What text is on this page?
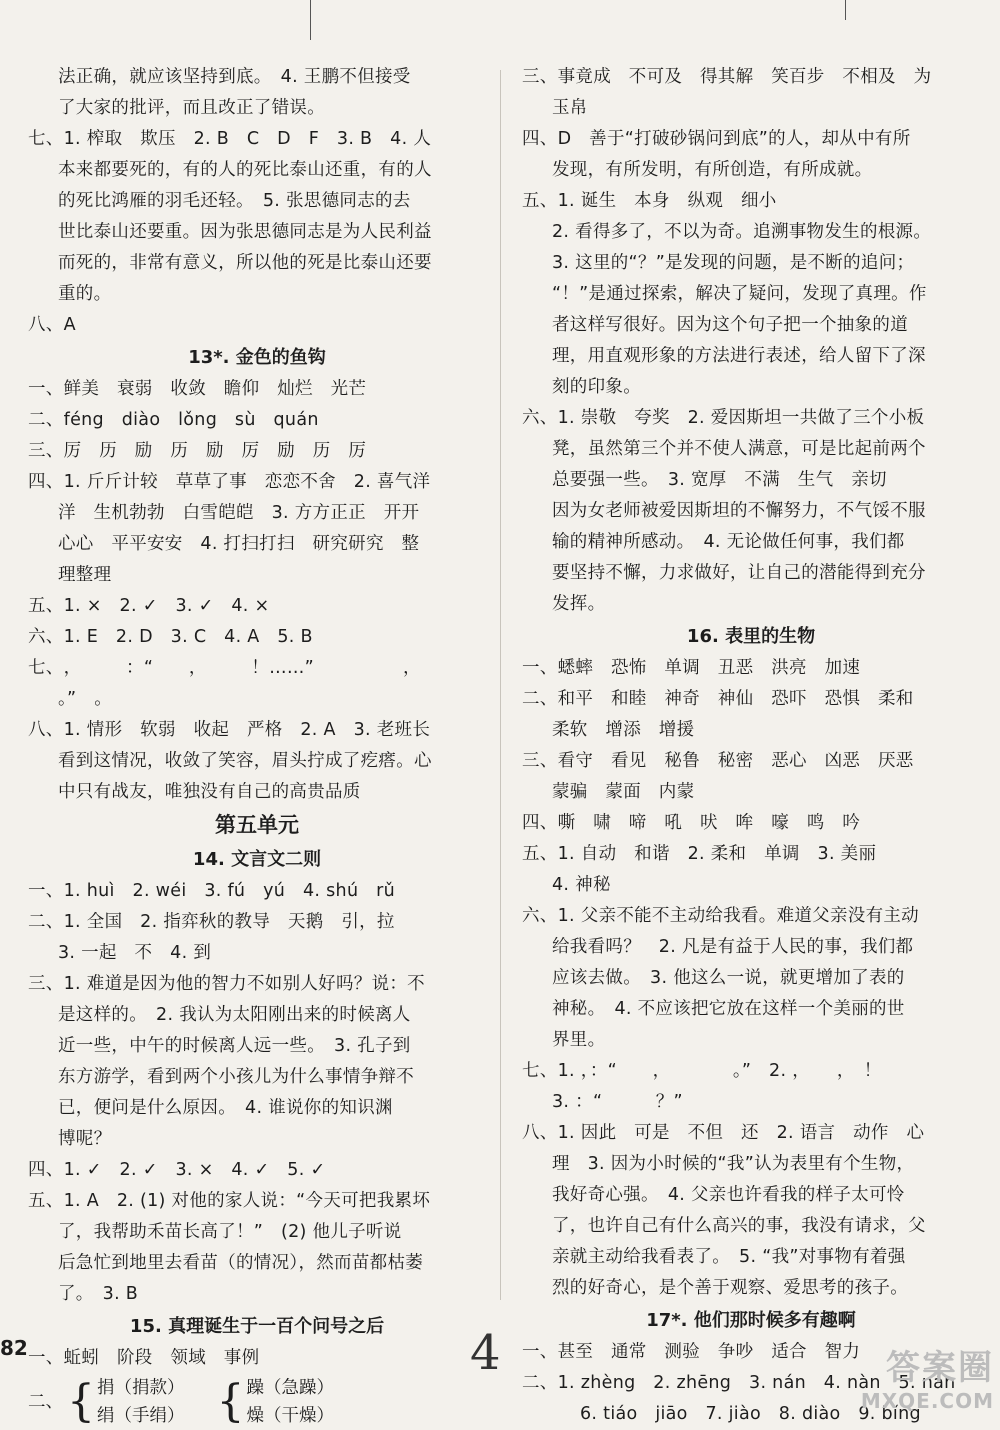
法正确，就应该坚持到底。　4. 王鹏不但接受
了大家的批评，而且改正了错误。
七、 1. 榨取　欺压　2. B　C　D　F　3. B　4. 人
本来都要死的，有的人的死比泰山还重，有的人
的死比鸿雁的羽毛还轻。　5. 张思德同志的去
世比泰山还要重。因为张思德同志是为人民利益
而死的，非常有意义，所以他的死是比泰山还要
重的。
八、 A
13*. 金色的鱼钩
一、 鲜美　衰弱　收敛　瞻仰　灿烂　光芒
二、 féng　diào　lǒng　sù　quán
三、 厉　历　励　历　励　厉　励　历　厉
四、 1. 斤斤计较　草草了事　恋恋不舍　2. 喜气洋
洋　生机勃勃　白雪皑皑　3. 方方正正　开开
心心　平平安安　4. 打扫打扫　研究研究　整
理整理
五、 1. ×　2. ✓　3. ✓　4. ×
六、 1. E　2. D　3. C　4. A　5. B
七、 ，　　　：“　　，　　　！……”　　　　　，
。”　。
八、 1. 情形　软弱　收起　严格　2. A　3. 老班长
看到这情况，收敛了笑容，眉头拧成了疙瘩。心
中只有战友，唯独没有自己的高贵品质
第五单元
14. 文言文二则
一、 1. huì　2. wéi　3. fú　yú　4. shú　rǔ
二、 1. 全国　2. 指弈秋的教导　天鹅　引，拉
3. 一起　不　4. 到
三、 1. 难道是因为他的智力不如别人好吗？说：不
是这样的。　2. 我认为太阳刚出来的时候离人
近一些，中午的时候离人远一些。　3. 孔子到
东方游学，看到两个小孩儿为什么事情争辩不
已，便问是什么原因。　4. 谁说你的知识渊
博呢？
四、 1. ✓　2. ✓　3. ×　4. ✓　5. ✓
五、 1. A　2. (1) 对他的家人说：“今天可把我累坏
了，我帮助禾苗长高了！”　(2) 他儿子听说
后急忙到地里去看苗（的情况），然而苗都枯萎
了。　3. B
15. 真理诞生于一百个问号之后
一、 蚯蚓　阶段　领域　事例
二、 { 捐（捐款）
绢（手绢） { 躁（急躁）
燥（干燥）
三、 事竟成　不可及　得其解　笑百步　不相及　为
玉帛
四、 D　善于“打破砂锅问到底”的人，却从中有所
发现，有所发明，有所创造，有所成就。
五、 1. 诞生　本身　纵观　细小
2. 看得多了，不以为奇。追溯事物发生的根源。
3. 这里的“？”是发现的问题，是不断的追问；
“！”是通过探索，解决了疑问，发现了真理。作
者这样写很好。因为这个句子把一个抽象的道
理，用直观形象的方法进行表述，给人留下了深
刻的印象。
六、 1. 崇敬　夸奖　2. 爱因斯坦一共做了三个小板
凳，虽然第三个并不使人满意，可是比起前两个
总要强一些。　3. 宽厚　不满　生气　亲切
因为女老师被爱因斯坦的不懈努力，不气馁不服
输的精神所感动。　4. 无论做任何事，我们都
要坚持不懈，力求做好，让自己的潜能得到充分
发挥。
16. 表里的生物
一、 蟋蟀　恐怖　单调　丑恶　洪亮　加速
二、 和平　和睦　神奇　神仙　恐吓　恐惧　柔和
柔软　增添　增援
三、 看守　看见　秘鲁　秘密　恶心　凶恶　厌恶
蒙骗　蒙面　内蒙
四、 嘶　啸　啼　吼　吠　哞　嚎　鸣　吟
五、 1. 自动　和谐　2. 柔和　单调　3. 美丽
4. 神秘
六、 1. 父亲不能不主动给我看。难道父亲没有主动
给我看吗？　2. 凡是有益于人民的事，我们都
应该去做。　3. 他这么一说，就更增加了表的
神秘。　4. 不应该把它放在这样一个美丽的世
界里。
七、 1. ，：“　　，　　　　。”　2. ，　　，　！
3. ：“　　　？”
八、 1. 因此　可是　不但　还　2. 语言　动作　心
理　3. 因为小时候的“我”认为表里有个生物，
我好奇心强。　4. 父亲也许看我的样子太可怜
了，也许自己有什么高兴的事，我没有请求，父
亲就主动给我看表了。　5. “我”对事物有着强
烈的好奇心，是个善于观察、爱思考的孩子。
17*. 他们那时候多有趣啊
一、 甚至　通常　测验　争吵　适合　智力
二、 1. zhèng　2. zhēng　3. nán　4. nàn　5. nán
6. tiáo　jiāo　7. jiào　8. diào　9. bǐng
82	4	答案圈
MXQE.COM
